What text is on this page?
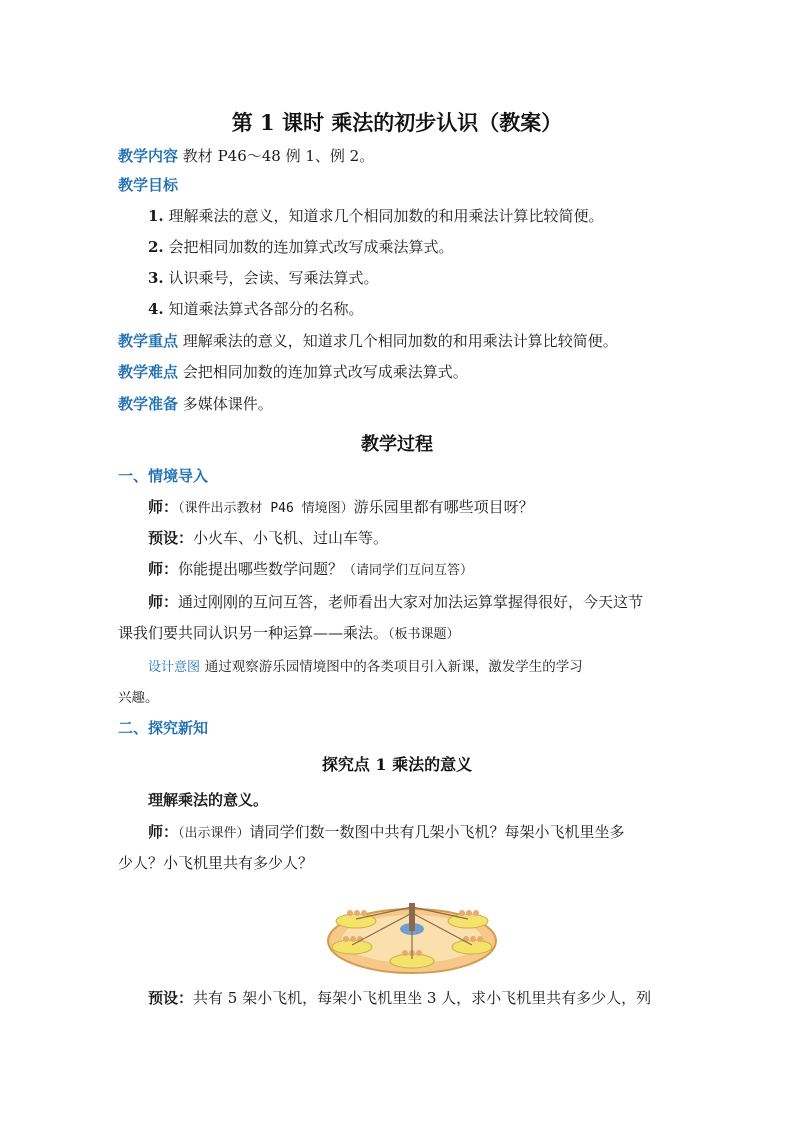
第 1 课时 乘法的初步认识（教案）
教学内容 教材 P46～48 例 1、例 2。
教学目标
1. 理解乘法的意义，知道求几个相同加数的和用乘法计算比较简便。
2. 会把相同加数的连加算式改写成乘法算式。
3. 认识乘号，会读、写乘法算式。
4. 知道乘法算式各部分的名称。
教学重点 理解乘法的意义，知道求几个相同加数的和用乘法计算比较简便。
教学难点 会把相同加数的连加算式改写成乘法算式。
教学准备 多媒体课件。
教学过程
一、情境导入
师：（课件出示教材 P46 情境图）游乐园里都有哪些项目呀？
预设：小火车、小飞机、过山车等。
师：你能提出哪些数学问题？（请同学们互问互答）
师：通过刚刚的互问互答，老师看出大家对加法运算掌握得很好，今天这节
课我们要共同认识另一种运算——乘法。（板书课题）
设计意图 通过观察游乐园情境图中的各类项目引入新课，激发学生的学习
兴趣。
二、探究新知
探究点 1 乘法的意义
理解乘法的意义。
师：（出示课件）请同学们数一数图中共有几架小飞机？每架小飞机里坐多
少人？小飞机里共有多少人？
预设：共有 5 架小飞机，每架小飞机里坐 3 人，求小飞机里共有多少人，列
